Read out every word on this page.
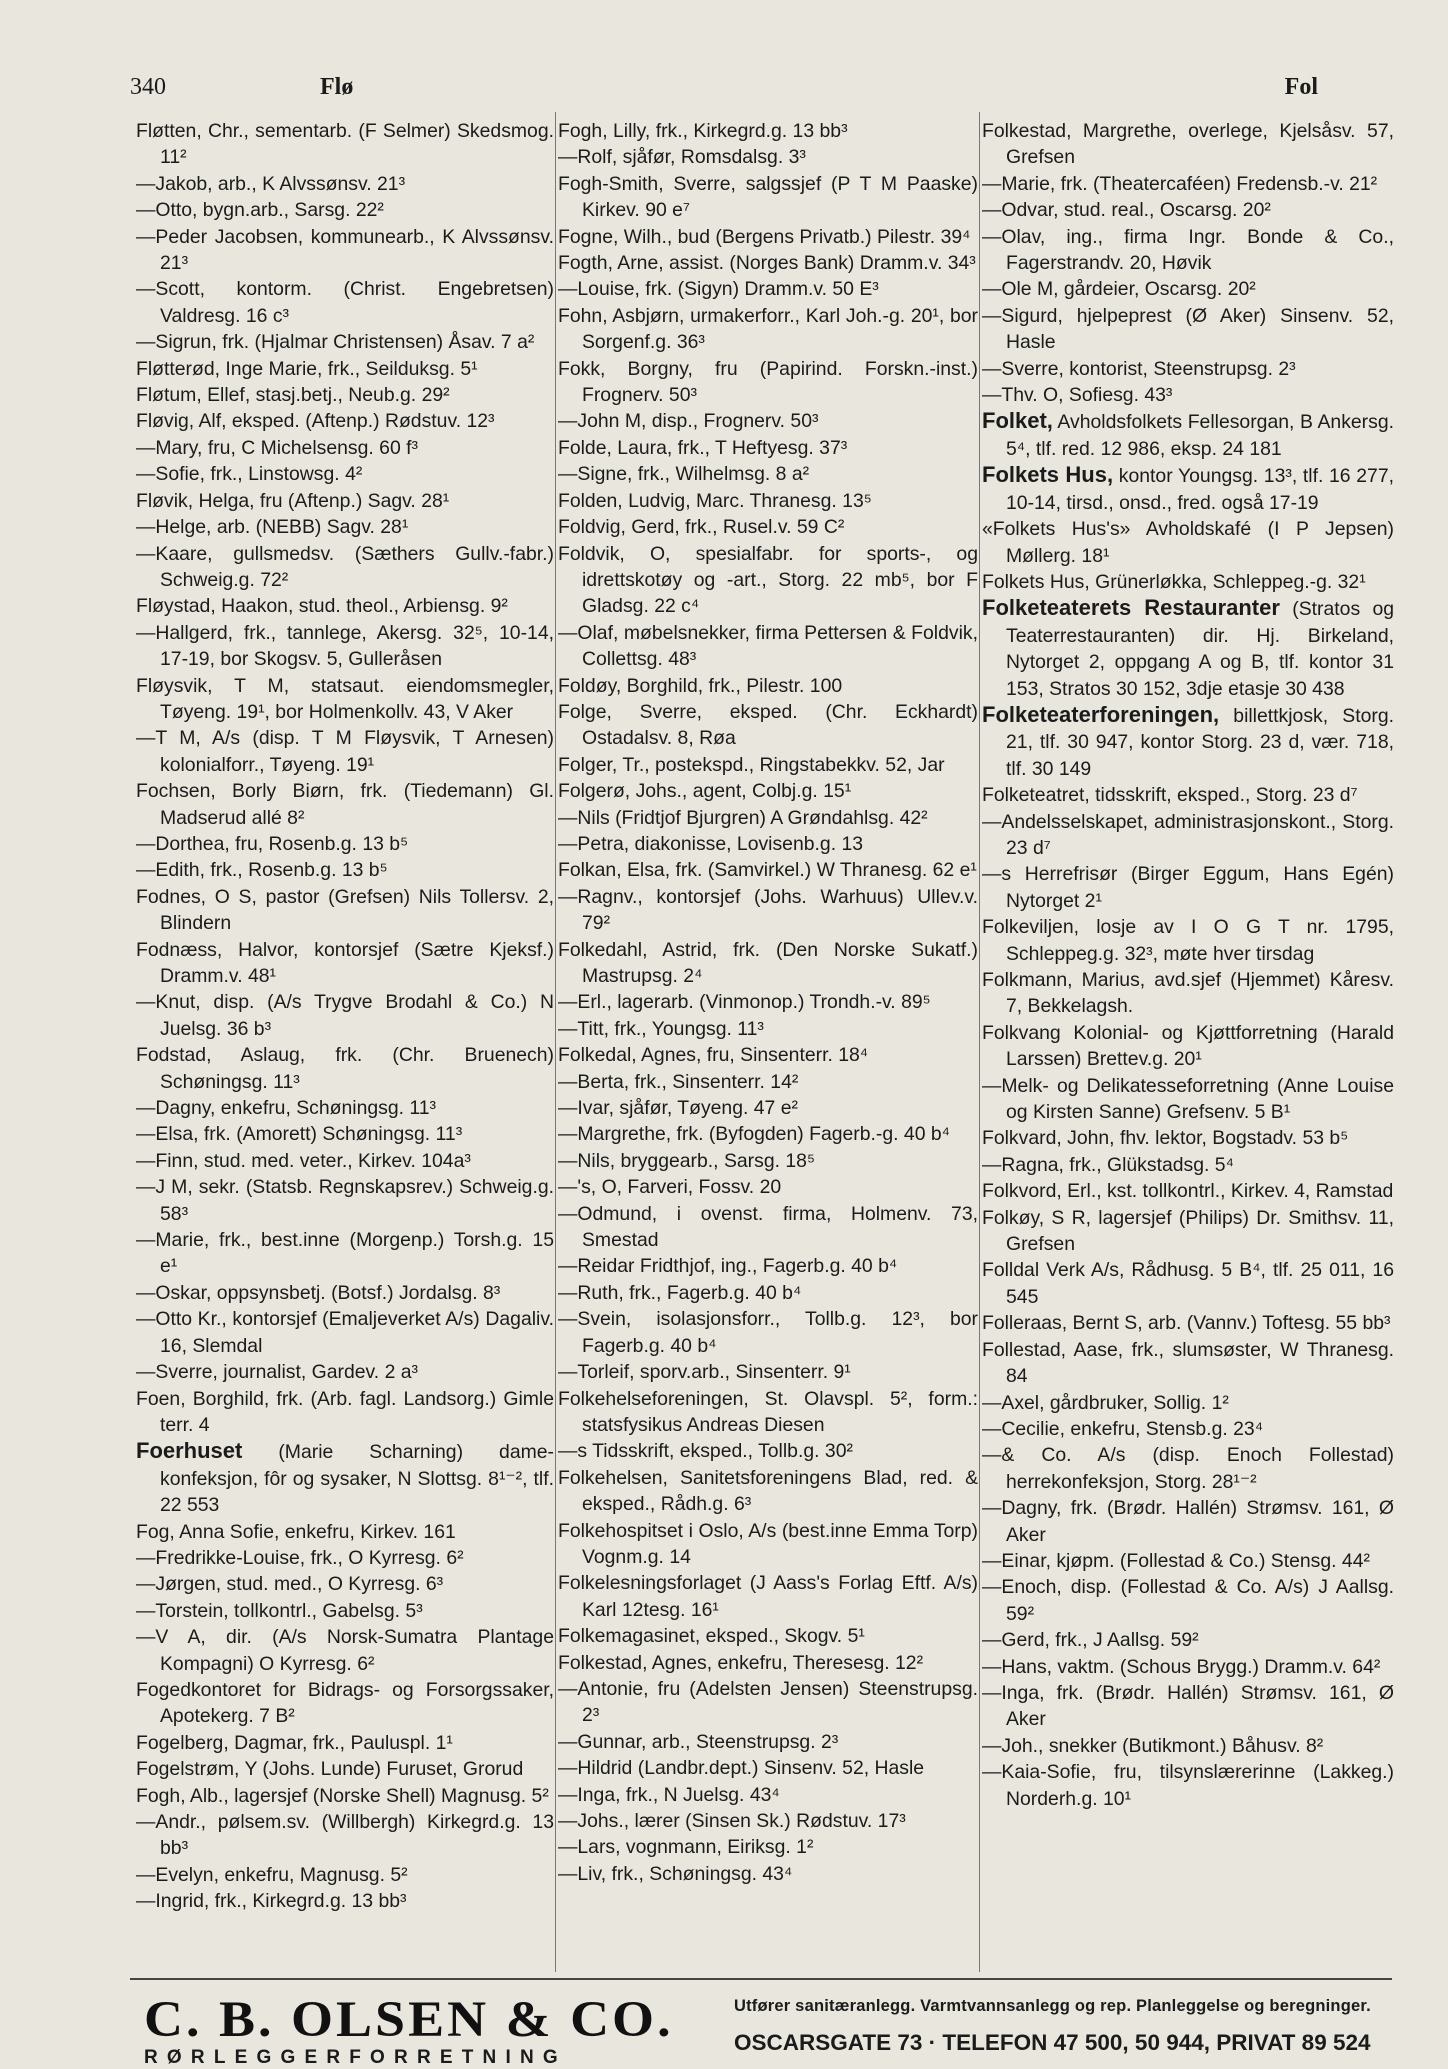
340	Flø	Fol

Fløtten, Chr., sementarb. (F Selmer) Skedsmog. 11²

—Jakob, arb., K Alvssønsv. 21³

—Otto, bygn.arb., Sarsg. 22²

—Peder Jacobsen, kommunearb., K Alvssønsv. 21³

—Scott, kontorm. (Christ. Engebretsen) Valdresg. 16 c³

—Sigrun, frk. (Hjalmar Christensen) Åsav. 7 a²

Fløtterød, Inge Marie, frk., Seilduksg. 5¹

Fløtum, Ellef, stasj.betj., Neub.g. 29²

Fløvig, Alf, eksped. (Aftenp.) Rødstuv. 12³

—Mary, fru, C Michelsensg. 60 f³

—Sofie, frk., Linstowsg. 4²

Fløvik, Helga, fru (Aftenp.) Sagv. 28¹

—Helge, arb. (NEBB) Sagv. 28¹

—Kaare, gullsmedsv. (Sæthers Gullv.-fabr.) Schweig.g. 72²

Fløystad, Haakon, stud. theol., Arbiensg. 9²

—Hallgerd, frk., tannlege, Akersg. 32⁵, 10-14, 17-19, bor Skogsv. 5, Gulleråsen

Fløysvik, T M, statsaut. eiendomsmegler, Tøyeng. 19¹, bor Holmenkollv. 43, V Aker

—T M, A/s (disp. T M Fløysvik, T Arnesen) kolonialforr., Tøyeng. 19¹

Fochsen, Borly Biørn, frk. (Tiedemann) Gl. Madserud allé 8²

—Dorthea, fru, Rosenb.g. 13 b⁵

—Edith, frk., Rosenb.g. 13 b⁵

Fodnes, O S, pastor (Grefsen) Nils Tollersv. 2, Blindern

Fodnæss, Halvor, kontorsjef (Sætre Kjeksf.) Dramm.v. 48¹

—Knut, disp. (A/s Trygve Brodahl & Co.) N Juelsg. 36 b³

Fodstad, Aslaug, frk. (Chr. Bruenech) Schøningsg. 11³

—Dagny, enkefru, Schøningsg. 11³

—Elsa, frk. (Amorett) Schøningsg. 11³

—Finn, stud. med. veter., Kirkev. 104a³

—J M, sekr. (Statsb. Regnskapsrev.) Schweig.g. 58³

—Marie, frk., best.inne (Morgenp.) Torsh.g. 15 e¹

—Oskar, oppsynsbetj. (Botsf.) Jordalsg. 8³

—Otto Kr., kontorsjef (Emaljeverket A/s) Dagaliv. 16, Slemdal

—Sverre, journalist, Gardev. 2 a³

Foen, Borghild, frk. (Arb. fagl. Landsorg.) Gimle terr. 4

Foerhuset (Marie Scharning) dame- konfeksjon, fôr og sysaker, N Slottsg. 8¹⁻², tlf. 22 553

Fog, Anna Sofie, enkefru, Kirkev. 161

—Fredrikke-Louise, frk., O Kyrresg. 6²

—Jørgen, stud. med., O Kyrresg. 6³

—Torstein, tollkontrl., Gabelsg. 5³

—V A, dir. (A/s Norsk-Sumatra Plantage Kompagni) O Kyrresg. 6²

Fogedkontoret for Bidrags- og Forsorgssaker, Apotekerg. 7 B²

Fogelberg, Dagmar, frk., Pauluspl. 1¹

Fogelstrøm, Y (Johs. Lunde) Furuset, Grorud

Fogh, Alb., lagersjef (Norske Shell) Magnusg. 5²

—Andr., pølsem.sv. (Willbergh) Kirkegrd.g. 13 bb³

—Evelyn, enkefru, Magnusg. 5²

—Ingrid, frk., Kirkegrd.g. 13 bb³

Fogh, Lilly, frk., Kirkegrd.g. 13 bb³

—Rolf, sjåfør, Romsdalsg. 3³

Fogh-Smith, Sverre, salgssjef (P T M Paaske) Kirkev. 90 e⁷

Fogne, Wilh., bud (Bergens Privatb.) Pilestr. 39⁴

Fogth, Arne, assist. (Norges Bank) Dramm.v. 34³

—Louise, frk. (Sigyn) Dramm.v. 50 E³

Fohn, Asbjørn, urmakerforr., Karl Joh.-g. 20¹, bor Sorgenf.g. 36³

Fokk, Borgny, fru (Papirind. Forskn.-inst.) Frognerv. 50³

—John M, disp., Frognerv. 50³

Folde, Laura, frk., T Heftyesg. 37³

—Signe, frk., Wilhelmsg. 8 a²

Folden, Ludvig, Marc. Thranesg. 13⁵

Foldvig, Gerd, frk., Rusel.v. 59 C²

Foldvik, O, spesialfabr. for sports-, og idrettskotøy og -art., Storg. 22 mb⁵, bor F Gladsg. 22 c⁴

—Olaf, møbelsnekker, firma Pettersen & Foldvik, Collettsg. 48³

Foldøy, Borghild, frk., Pilestr. 100

Folge, Sverre, eksped. (Chr. Eckhardt) Ostadalsv. 8, Røa

Folger, Tr., postekspd., Ringstabekkv. 52, Jar

Folgerø, Johs., agent, Colbj.g. 15¹

—Nils (Fridtjof Bjurgren) A Grøndahlsg. 42²

—Petra, diakonisse, Lovisenb.g. 13

Folkan, Elsa, frk. (Samvirkel.) W Thranesg. 62 e¹

—Ragnv., kontorsjef (Johs. Warhuus) Ullev.v. 79²

Folkedahl, Astrid, frk. (Den Norske Sukatf.) Mastrupsg. 2⁴

—Erl., lagerarb. (Vinmonop.) Trondh.-v. 89⁵

—Titt, frk., Youngsg. 11³

Folkedal, Agnes, fru, Sinsenterr. 18⁴

—Berta, frk., Sinsenterr. 14²

—Ivar, sjåfør, Tøyeng. 47 e²

—Margrethe, frk. (Byfogden) Fagerb.-g. 40 b⁴

—Nils, bryggearb., Sarsg. 18⁵

—'s, O, Farveri, Fossv. 20

—Odmund, i ovenst. firma, Holmenv. 73, Smestad

—Reidar Fridthjof, ing., Fagerb.g. 40 b⁴

—Ruth, frk., Fagerb.g. 40 b⁴

—Svein, isolasjonsforr., Tollb.g. 12³, bor Fagerb.g. 40 b⁴

—Torleif, sporv.arb., Sinsenterr. 9¹

Folkehelseforeningen, St. Olavspl. 5², form.: statsfysikus Andreas Diesen

—s Tidsskrift, eksped., Tollb.g. 30²

Folkehelsen, Sanitetsforeningens Blad, red. & eksped., Rådh.g. 6³

Folkehospitset i Oslo, A/s (best.inne Emma Torp) Vognm.g. 14

Folkelesningsforlaget (J Aass's Forlag Eftf. A/s) Karl 12tesg. 16¹

Folkemagasinet, eksped., Skogv. 5¹

Folkestad, Agnes, enkefru, Theresesg. 12²

—Antonie, fru (Adelsten Jensen) Steenstrupsg. 2³

—Gunnar, arb., Steenstrupsg. 2³

—Hildrid (Landbr.dept.) Sinsenv. 52, Hasle

—Inga, frk., N Juelsg. 43⁴

—Johs., lærer (Sinsen Sk.) Rødstuv. 17³

—Lars, vognmann, Eiriksg. 1²

—Liv, frk., Schøningsg. 43⁴

Folkestad, Margrethe, overlege, Kjelsåsv. 57, Grefsen

—Marie, frk. (Theatercaféen) Fredensb.-v. 21²

—Odvar, stud. real., Oscarsg. 20²

—Olav, ing., firma Ingr. Bonde & Co., Fagerstrandv. 20, Høvik

—Ole M, gårdeier, Oscarsg. 20²

—Sigurd, hjelpeprest (Ø Aker) Sinsenv. 52, Hasle

—Sverre, kontorist, Steenstrupsg. 2³

—Thv. O, Sofiesg. 43³

Folket, Avholdsfolkets Fellesorgan, B Ankersg. 5⁴, tlf. red. 12 986, eksp. 24 181

Folkets Hus, kontor Youngsg. 13³, tlf. 16 277, 10-14, tirsd., onsd., fred. også 17-19

«Folkets Hus's» Avholdskafé (I P Jepsen) Møllerg. 18¹

Folkets Hus, Grünerløkka, Schleppeg.-g. 32¹

Folketeaterets Restauranter (Stratos og Teaterrestauranten) dir. Hj. Birkeland, Nytorget 2, oppgang A og B, tlf. kontor 31 153, Stratos 30 152, 3dje etasje 30 438

Folketeaterforeningen, billettkjosk, Storg. 21, tlf. 30 947, kontor Storg. 23 d, vær. 718, tlf. 30 149

Folketeatret, tidsskrift, eksped., Storg. 23 d⁷

—Andelsselskapet, administrasjonskont., Storg. 23 d⁷

—s Herrefrisør (Birger Eggum, Hans Egén) Nytorget 2¹

Folkeviljen, losje av I O G T nr. 1795, Schleppeg.g. 32³, møte hver tirsdag

Folkmann, Marius, avd.sjef (Hjemmet) Kåresv. 7, Bekkelagsh.

Folkvang Kolonial- og Kjøttforretning (Harald Larssen) Brettev.g. 20¹

—Melk- og Delikatesseforretning (Anne Louise og Kirsten Sanne) Grefsenv. 5 B¹

Folkvard, John, fhv. lektor, Bogstadv. 53 b⁵

—Ragna, frk., Glükstadsg. 5⁴

Folkvord, Erl., kst. tollkontrl., Kirkev. 4, Ramstad

Folkøy, S R, lagersjef (Philips) Dr. Smithsv. 11, Grefsen

Folldal Verk A/s, Rådhusg. 5 B⁴, tlf. 25 011, 16 545

Folleraas, Bernt S, arb. (Vannv.) Toftesg. 55 bb³

Follestad, Aase, frk., slumsøster, W Thranesg. 84

—Axel, gårdbruker, Sollig. 1²

—Cecilie, enkefru, Stensb.g. 23⁴

—& Co. A/s (disp. Enoch Follestad) herrekonfeksjon, Storg. 28¹⁻²

—Dagny, frk. (Brødr. Hallén) Strømsv. 161, Ø Aker

—Einar, kjøpm. (Follestad & Co.) Stensg. 44²

—Enoch, disp. (Follestad & Co. A/s) J Aallsg. 59²

—Gerd, frk., J Aallsg. 59²

—Hans, vaktm. (Schous Brygg.) Dramm.v. 64²

—Inga, frk. (Brødr. Hallén) Strømsv. 161, Ø Aker

—Joh., snekker (Butikmont.) Båhusv. 8²

—Kaia-Sofie, fru, tilsynslærerinne (Lakkeg.) Norderh.g. 10¹

C. B. OLSEN & CO.
RØRLEGGERFORRETNING
Utfører sanitæranlegg. Varmtvannsanlegg og rep. Planleggelse og beregninger.
OSCARSGATE 73 · TELEFON 47 500, 50 944, PRIVAT 89 524
